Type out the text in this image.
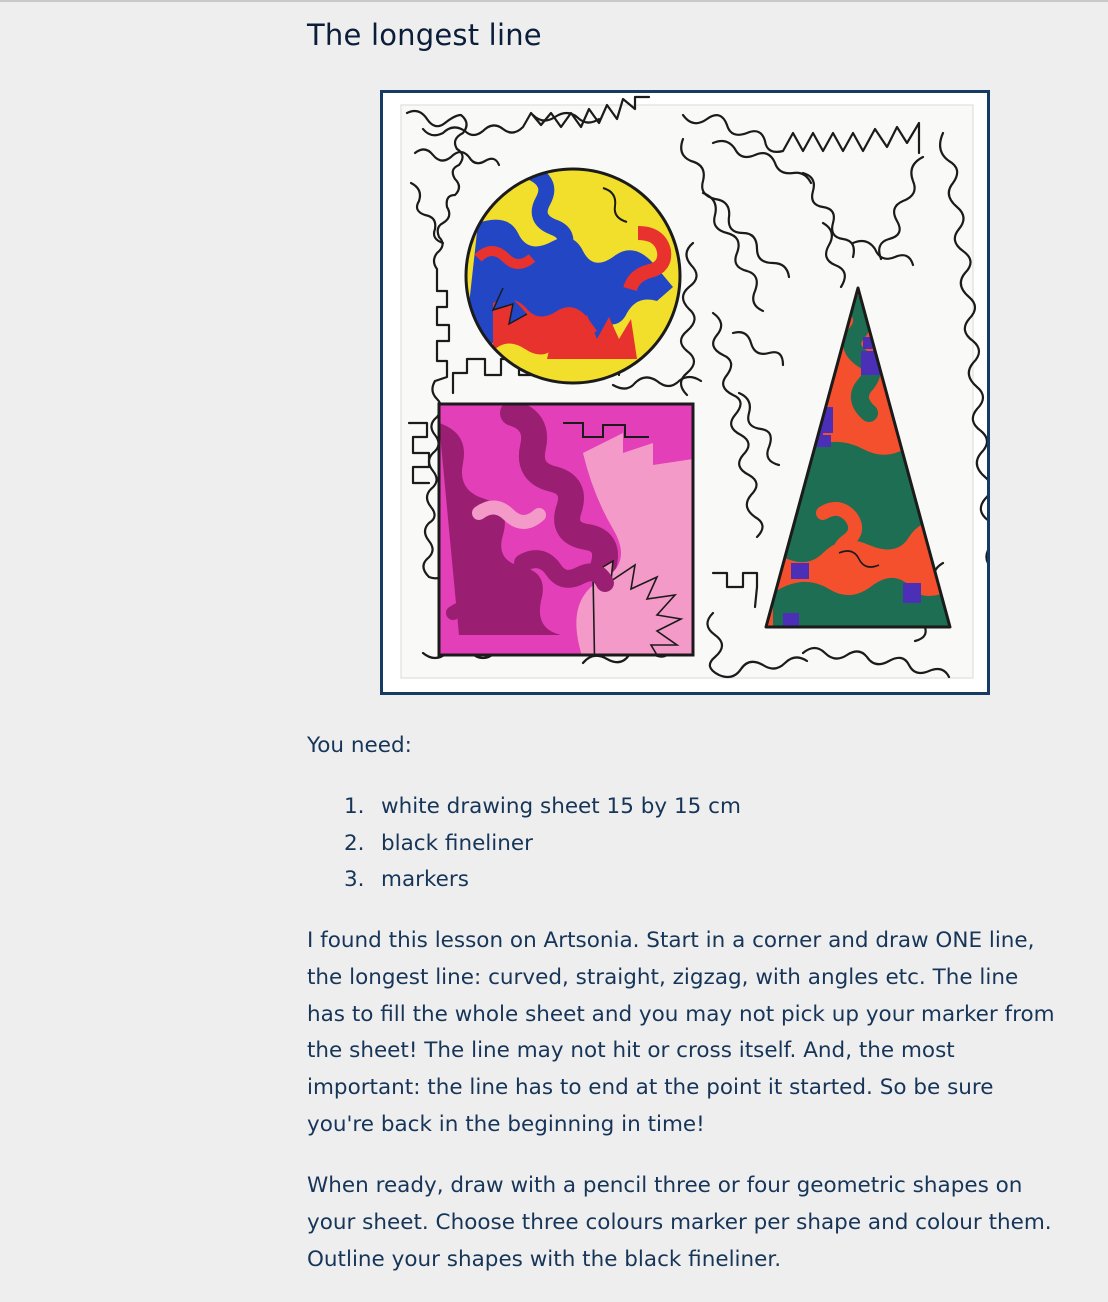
The longest line
You need:
1. white drawing sheet 15 by 15 cm
2. black fineliner
3. markers
I found this lesson on Artsonia. Start in a corner and draw ONE line,
the longest line: curved, straight, zigzag, with angles etc. The line
has to fill the whole sheet and you may not pick up your marker from
the sheet! The line may not hit or cross itself. And, the most
important: the line has to end at the point it started. So be sure
you're back in the beginning in time!
When ready, draw with a pencil three or four geometric shapes on
your sheet. Choose three colours marker per shape and colour them.
Outline your shapes with the black fineliner.
